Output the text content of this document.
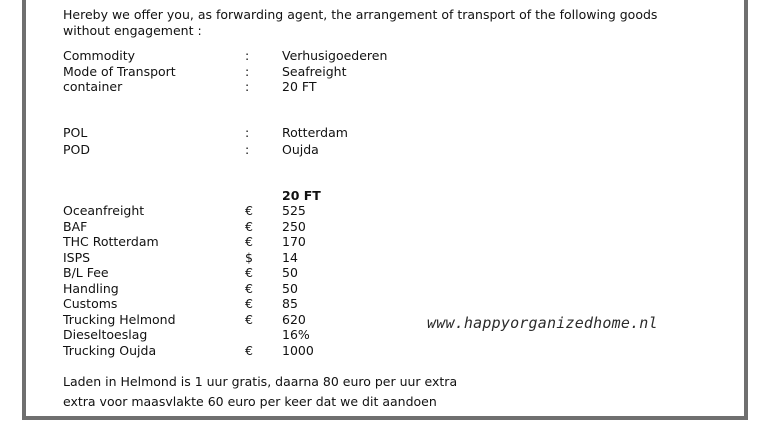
Hereby we offer you, as forwarding agent, the arrangement of transport of the following goods without engagement :
Commodity	:	Verhusigoederen
Mode of Transport	:	Seafreight
container	:	20 FT
POL	:	Rotterdam
POD	:	Oujda
20 FT
Oceanfreight	€ 525
BAF	€ 250
THC Rotterdam	€ 170
ISPS	$ 14
B/L Fee	€ 50
Handling	€ 50
Customs	€ 85
Trucking Helmond	€ 620
Dieseltoeslag	16%
Trucking Oujda	€ 1000
Laden in Helmond is 1 uur gratis, daarna 80 euro per uur extra
extra voor maasvlakte 60 euro per keer dat we dit aandoen
www.happyorganizedhome.nl
